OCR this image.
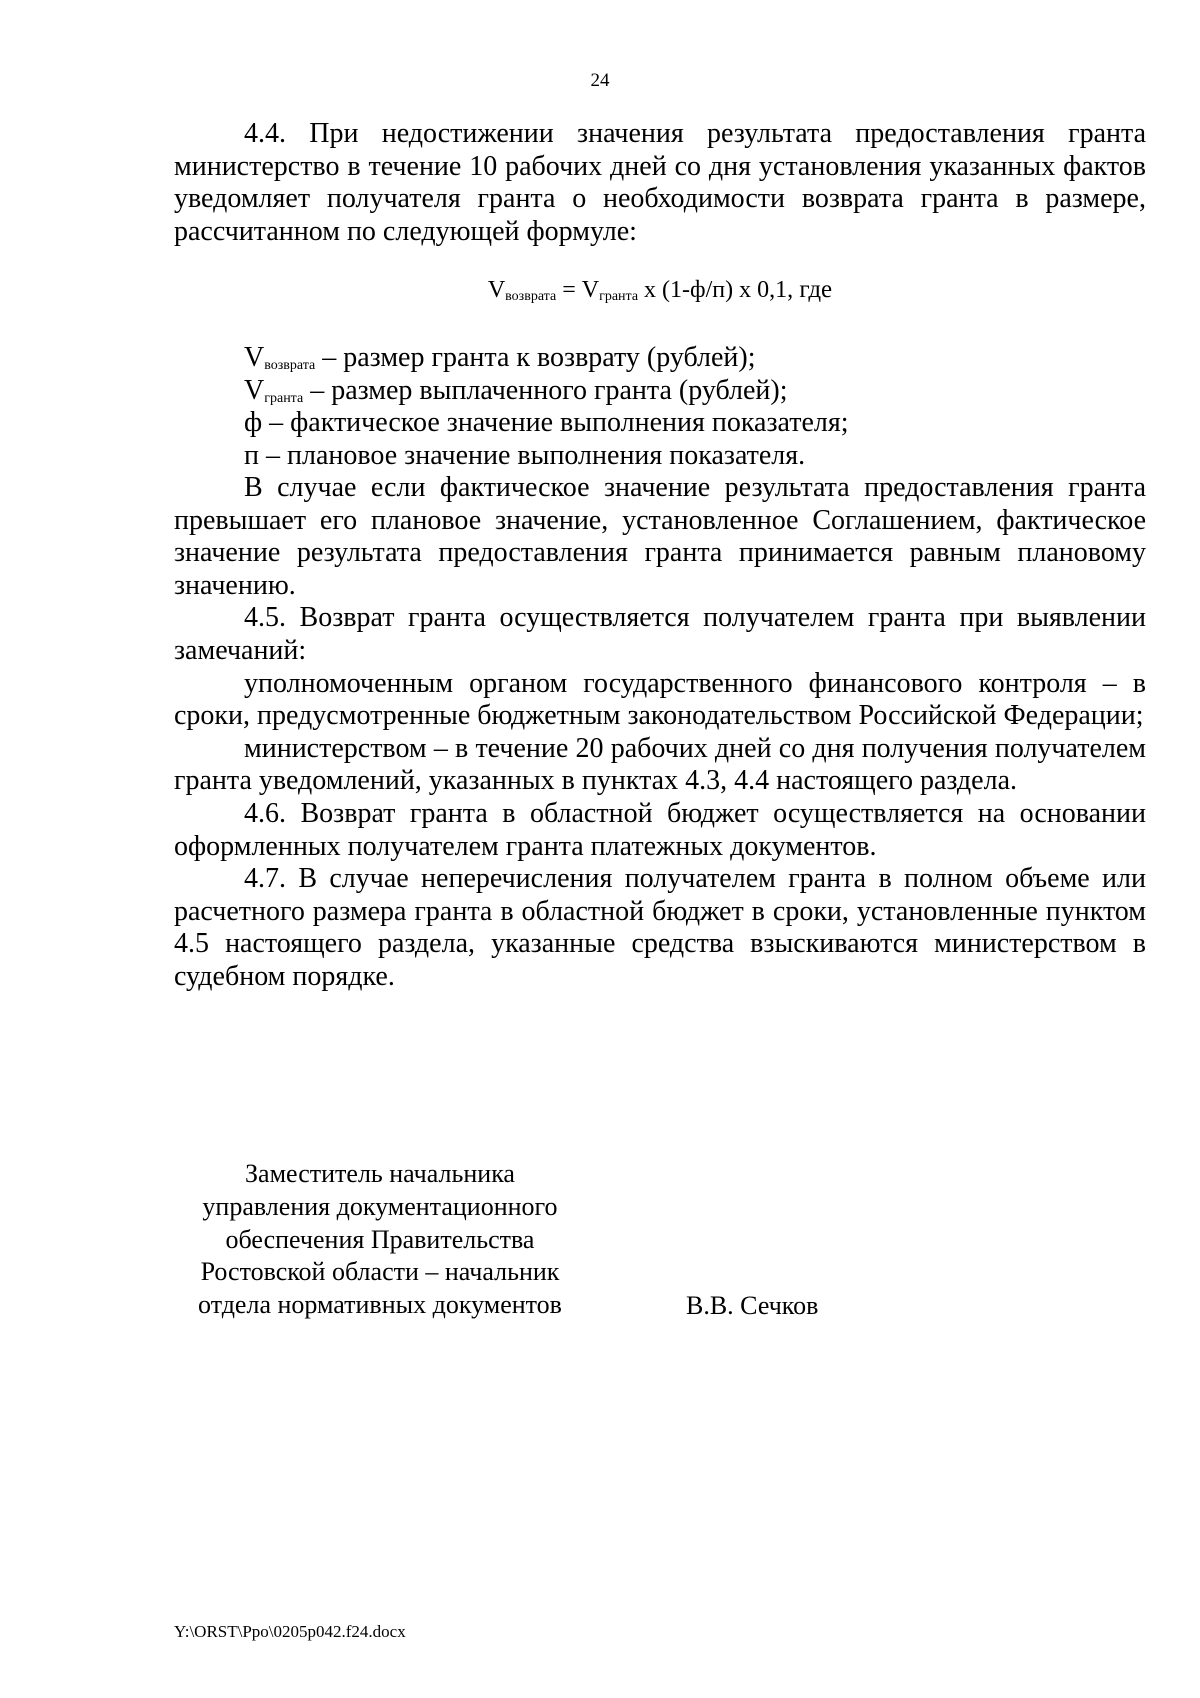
24

4.4. При недостижении значения результата предоставления гранта министерство в течение 10 рабочих дней со дня установления указанных фактов уведомляет получателя гранта о необходимости возврата гранта в размере, рассчитанном по следующей формуле:

$V_{возврата} = V_{гранта}$ x (1-ф/п) x 0,1, где
$V_{возврата}$ – размер гранта к возврату (рублей);
$V_{гранта}$ – размер выплаченного гранта (рублей);
ф – фактическое значение выполнения показателя;
п – плановое значение выполнения показателя.

В случае если фактическое значение результата предоставления гранта превышает его плановое значение, установленное Соглашением, фактическое значение результата предоставления гранта принимается равным плановому значению.

4.5. Возврат гранта осуществляется получателем гранта при выявлении замечаний:

уполномоченным органом государственного финансового контроля – в сроки, предусмотренные бюджетным законодательством Российской Федерации;

министерством – в течение 20 рабочих дней со дня получения получателем гранта уведомлений, указанных в пунктах 4.3, 4.4 настоящего раздела.

4.6. Возврат гранта в областной бюджет осуществляется на основании оформленных получателем гранта платежных документов.

4.7. В случае неперечисления получателем гранта в полном объеме или расчетного размера гранта в областной бюджет в сроки, установленные пунктом 4.5 настоящего раздела, указанные средства взыскиваются министерством в судебном порядке.

Заместитель начальника
управления документационного
обеспечения Правительства
Ростовской области – начальник
отдела нормативных документов	В.В. Сечков
Y:\ORST\Ppo\0205p042.f24.docx
